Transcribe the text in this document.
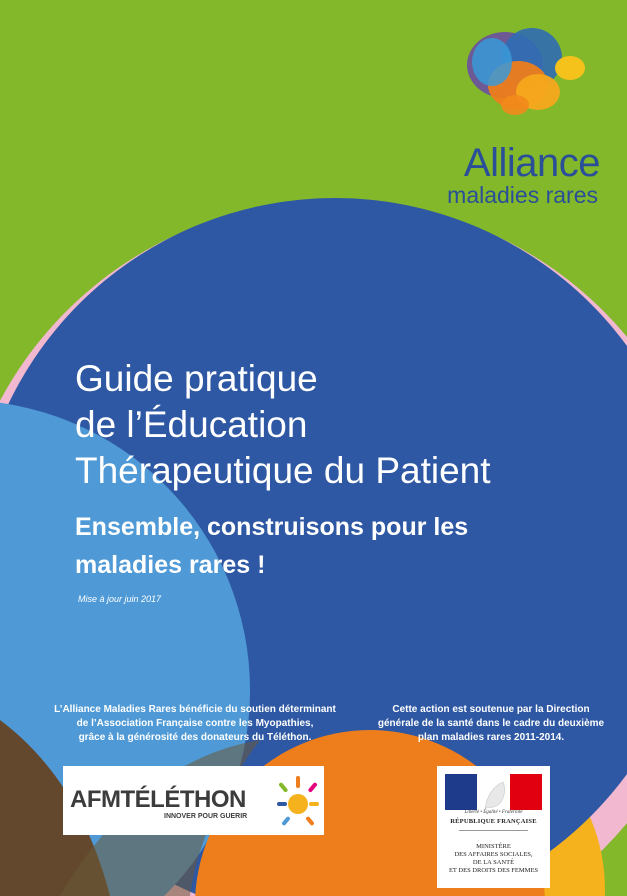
Alliance
maladies rares
Guide pratique
de l’Éducation
Thérapeutique du Patient
Ensemble, construisons pour les
maladies rares !
Mise à jour juin 2017
L’Alliance Maladies Rares bénéficie du soutien déterminant
de l’Association Française contre les Myopathies,
grâce à la générosité des donateurs du Téléthon.
Cette action est soutenue par la Direction
générale de la santé dans le cadre du deuxième
plan maladies rares 2011-2014.
AFMTÉLÉTHON
INNOVER POUR GUERIR
Liberté • Égalité • Fraternité
RÉPUBLIQUE FRANÇAISE
MINISTÈRE
DES AFFAIRES SOCIALES,
DE LA SANTÉ
ET DES DROITS DES FEMMES
